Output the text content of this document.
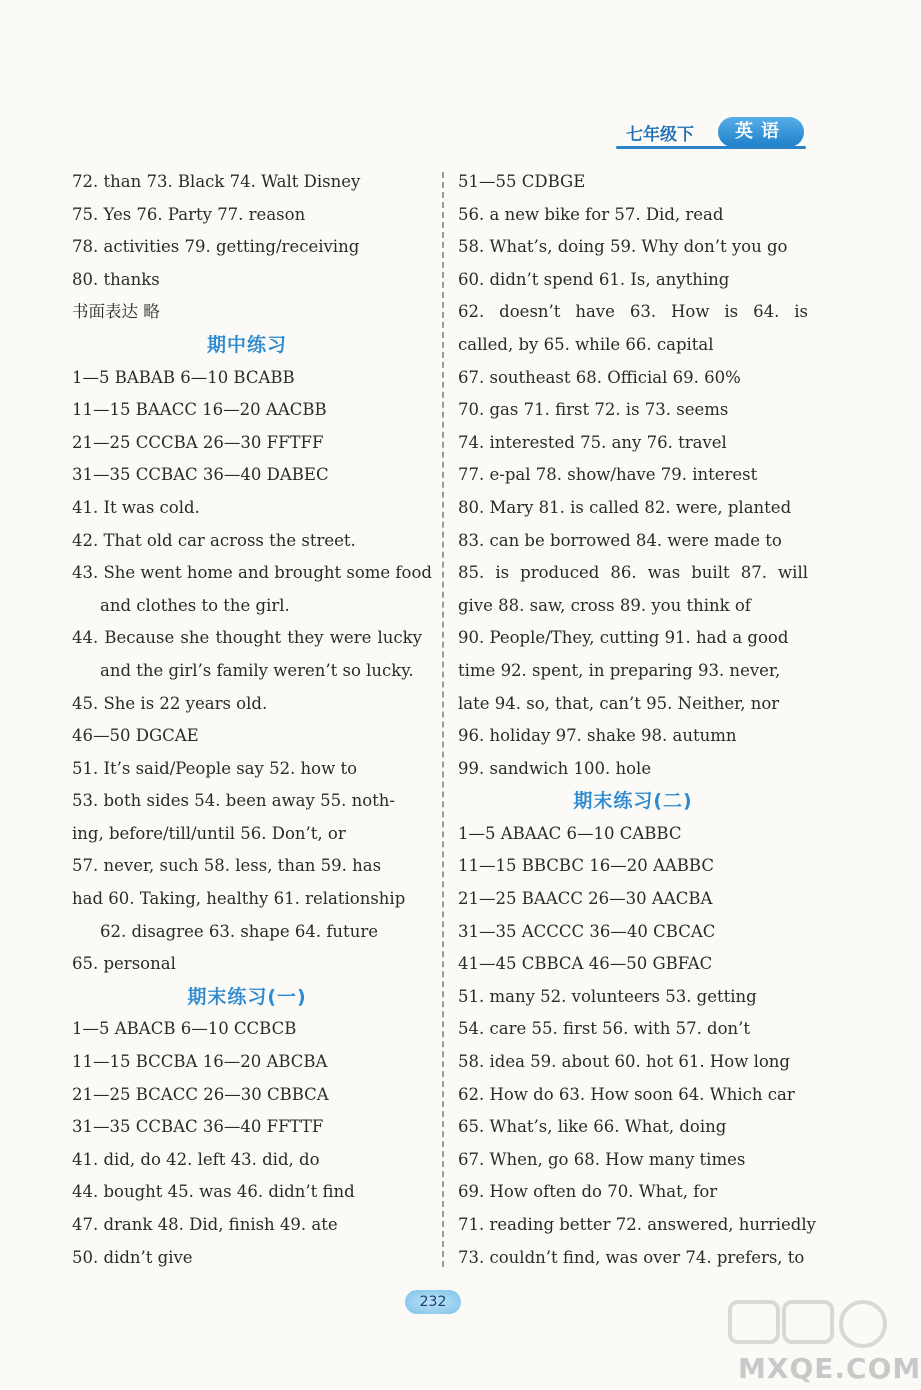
七年级下	英语
72. than 73. Black 74. Walt Disney
75. Yes 76. Party 77. reason
78. activities 79. getting/receiving
80. thanks
书面表达 略
期中练习
1—5 BABAB 6—10 BCABB
11—15 BAACC 16—20 AACBB
21—25 CCCBA 26—30 FFTFF
31—35 CCBAC 36—40 DABEC
41. It was cold.
42. That old car across the street.
43. She went home and brought some food
and clothes to the girl.
44. Because she thought they were lucky
and the girl’s family weren’t so lucky.
45. She is 22 years old.
46—50 DGCAE
51. It’s said/People say 52. how to
53. both sides 54. been away 55. noth-
ing, before/till/until 56. Don’t, or
57. never, such 58. less, than 59. has
had 60. Taking, healthy 61. relationship
62. disagree 63. shape 64. future
65. personal
期末练习(一)
1—5 ABACB 6—10 CCBCB
11—15 BCCBA 16—20 ABCBA
21—25 BCACC 26—30 CBBCA
31—35 CCBAC 36—40 FFTTF
41. did, do 42. left 43. did, do
44. bought 45. was 46. didn’t find
47. drank 48. Did, finish 49. ate
50. didn’t give
51—55 CDBGE
56. a new bike for 57. Did, read
58. What’s, doing 59. Why don’t you go
60. didn’t spend 61. Is, anything
62. doesn’t have 63. How is 64. is
called, by 65. while 66. capital
67. southeast 68. Official 69. 60%
70. gas 71. first 72. is 73. seems
74. interested 75. any 76. travel
77. e-pal 78. show/have 79. interest
80. Mary 81. is called 82. were, planted
83. can be borrowed 84. were made to
85. is produced 86. was built 87. will
give 88. saw, cross 89. you think of
90. People/They, cutting 91. had a good
time 92. spent, in preparing 93. never,
late 94. so, that, can’t 95. Neither, nor
96. holiday 97. shake 98. autumn
99. sandwich 100. hole
期末练习(二)
1—5 ABAAC 6—10 CABBC
11—15 BBCBC 16—20 AABBC
21—25 BAACC 26—30 AACBA
31—35 ACCCC 36—40 CBCAC
41—45 CBBCA 46—50 GBFAC
51. many 52. volunteers 53. getting
54. care 55. first 56. with 57. don’t
58. idea 59. about 60. hot 61. How long
62. How do 63. How soon 64. Which car
65. What’s, like 66. What, doing
67. When, go 68. How many times
69. How often do 70. What, for
71. reading better 72. answered, hurriedly
73. couldn’t find, was over 74. prefers, to
232
MXQE.COM
